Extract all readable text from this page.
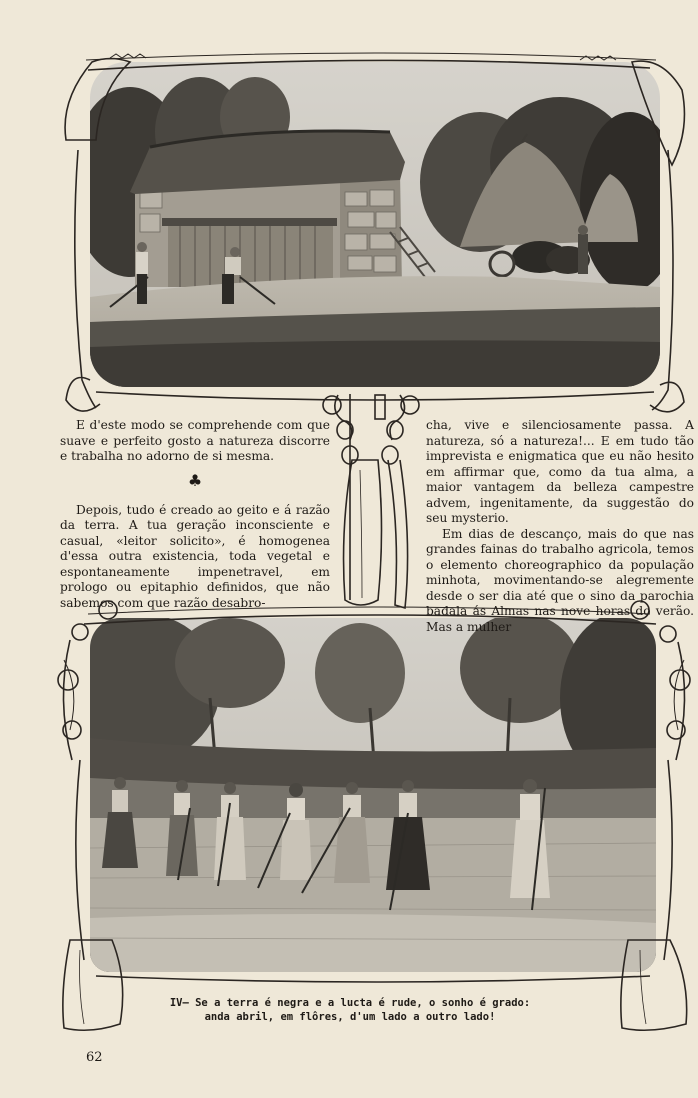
E d'este modo se comprehende com que suave e perfeito gosto a natureza discorre e trabalha no adorno de si mesma.

♣

Depois, tudo é creado ao geito e á razão da terra. A tua geração inconsciente e casual, «leitor solicito», é homogenea d'essa outra existencia, toda vegetal e espontaneamente impenetravel, em prologo ou epitaphio definidos, que não sabemos com que razão desabro-

cha, vive e silenciosamente passa. A natureza, só a natureza!... E em tudo tão imprevista e enigmatica que eu não hesito em affirmar que, como da tua alma, a maior vantagem da belleza campestre advem, ingenitamente, da suggestão do seu mysterio.

Em dias de descanço, mais do que nas grandes fainas do trabalho agricola, temos o elemento choreographico da população minhota, movimentando-se alegremente desde o ser dia até que o sino da parochia badala ás Almas nas nove horas do verão. Mas a mulher

IV— Se a terra é negra e a lucta é rude, o sonho é grado:
anda abril, em flôres, d'um lado a outro lado!
62
